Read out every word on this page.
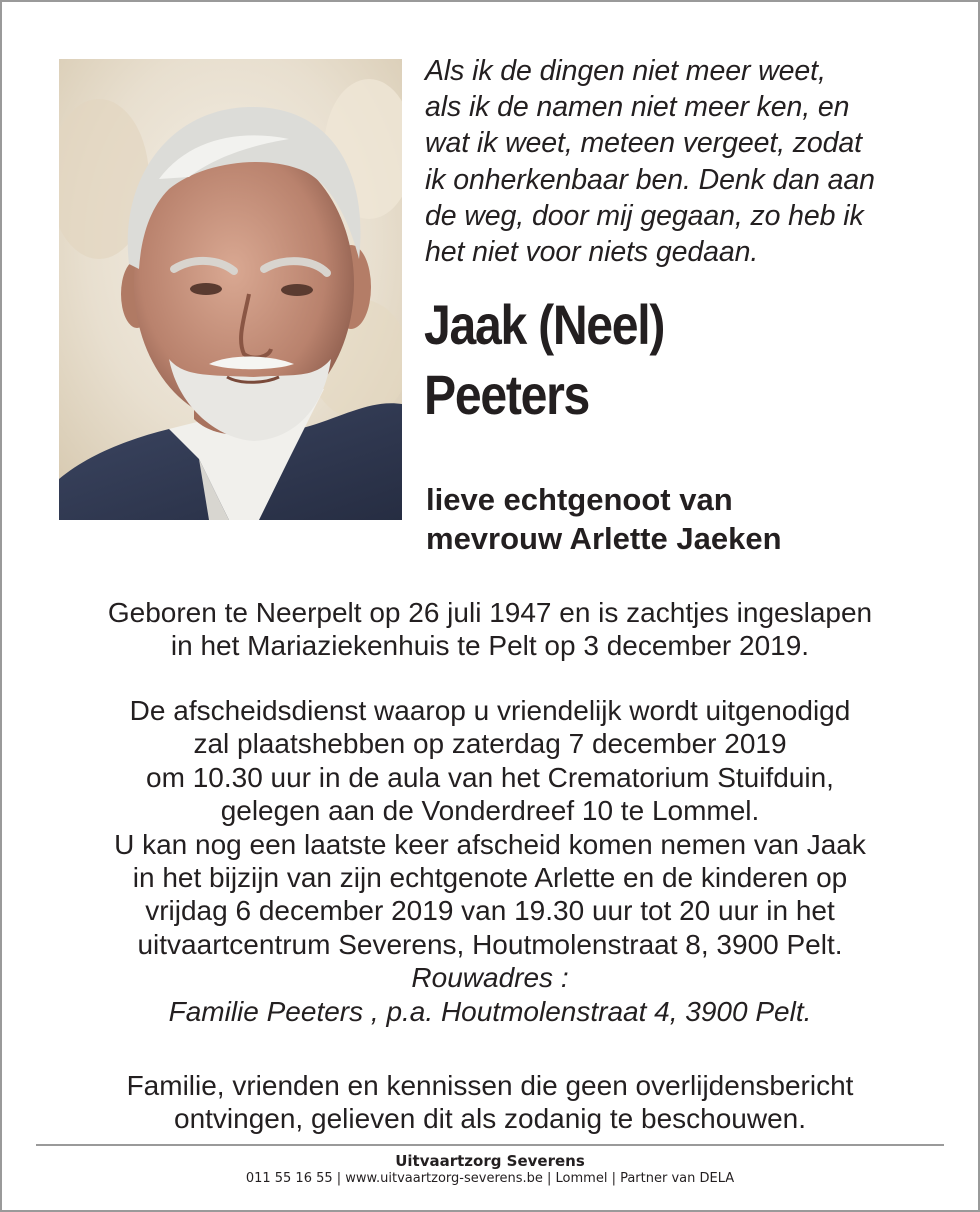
Als ik de dingen niet meer weet,
als ik de namen niet meer ken, en
wat ik weet, meteen vergeet, zodat
ik onherkenbaar ben. Denk dan aan
de weg, door mij gegaan, zo heb ik
het niet voor niets gedaan.
Jaak (Neel)
Peeters
lieve echtgenoot van
mevrouw Arlette Jaeken
Geboren te Neerpelt op 26 juli 1947 en is zachtjes ingeslapen
in het Mariaziekenhuis te Pelt op 3 december 2019.
De afscheidsdienst waarop u vriendelijk wordt uitgenodigd
zal plaatshebben op zaterdag 7 december 2019
om 10.30 uur in de aula van het Crematorium Stuifduin,
gelegen aan de Vonderdreef 10 te Lommel.
U kan nog een laatste keer afscheid komen nemen van Jaak
in het bijzijn van zijn echtgenote Arlette en de kinderen op
vrijdag 6 december 2019 van 19.30 uur tot 20 uur in het
uitvaartcentrum Severens, Houtmolenstraat 8, 3900 Pelt.
Rouwadres :
Familie Peeters , p.a. Houtmolenstraat 4, 3900 Pelt.
Familie, vrienden en kennissen die geen overlijdensbericht
ontvingen, gelieven dit als zodanig te beschouwen.
Uitvaartzorg Severens
011 55 16 55 | www.uitvaartzorg-severens.be | Lommel | Partner van DELA
